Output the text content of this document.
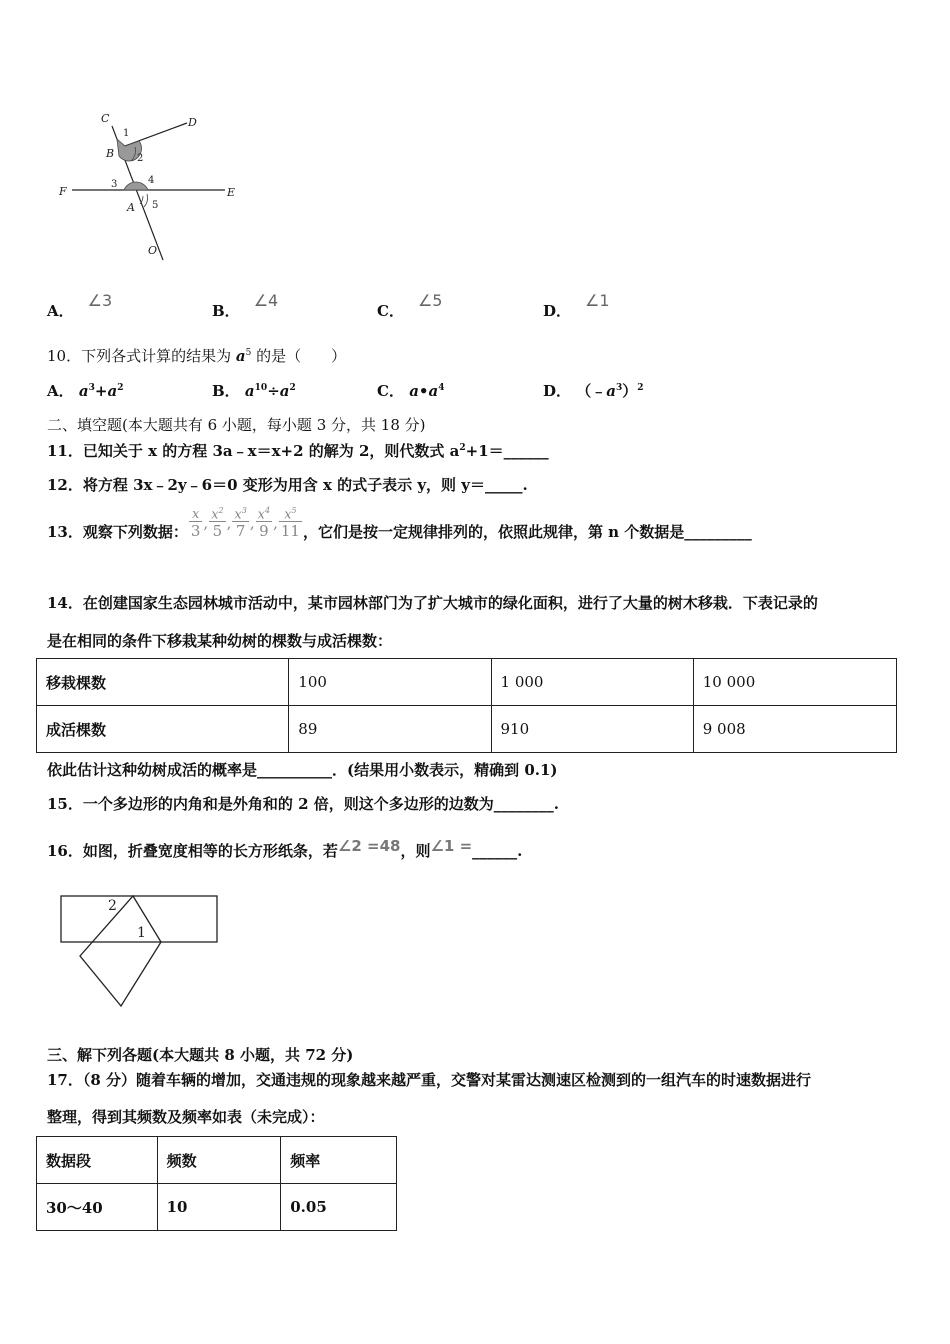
C	D
B
F	E
A
O
1
2
3	4
5
A．∠3
B．∠4
C．∠5
D．∠1
10．下列各式计算的结果为 $a^5$ 的是（　　）
A． $a^3+a^2$	B． $a^{10}\div a^2$	C． $a•a^4$	D． $(﹣a^3)^2$
二、填空题(本大题共有 6 小题，每小题 3 分，共 18 分)
11．已知关于 x 的方程 3a﹣x＝x+2 的解为 2，则代数式 $a^2+1=\_\_\_\_\_\_$
12．将方程 3x﹣2y﹣6＝0 变形为用含 x 的式子表示 y，则 y＝_____.
13．观察下列数据： $\frac{x}{3}$ , $\frac{x^2}{5}$ , $\frac{x^3}{7}$ , $\frac{x^4}{9}$ , $\frac{x^5}{11}$ ，它们是按一定规律排列的，依照此规律，第 n 个数据是_________
14．在创建国家生态园林城市活动中，某市园林部门为了扩大城市的绿化面积，进行了大量的树木移栽．下表记录的
是在相同的条件下移栽某种幼树的棵数与成活棵数：
移栽棵数	100	1 000	10 000
成活棵数	89	910	9 008
依此估计这种幼树成活的概率是__________．(结果用小数表示，精确到 0.1)
15．一个多边形的内角和是外角和的 2 倍，则这个多边形的边数为________.
16．如图，折叠宽度相等的长方形纸条，若∠2 =48，则∠1 =______.
2
1
三、解下列各题(本大题共 8 小题，共 72 分)
17．（8 分）随着车辆的增加，交通违规的现象越来越严重，交警对某雷达测速区检测到的一组汽车的时速数据进行
整理，得到其频数及频率如表（未完成）：
数据段	频数	频率
30～40	10	0.05
